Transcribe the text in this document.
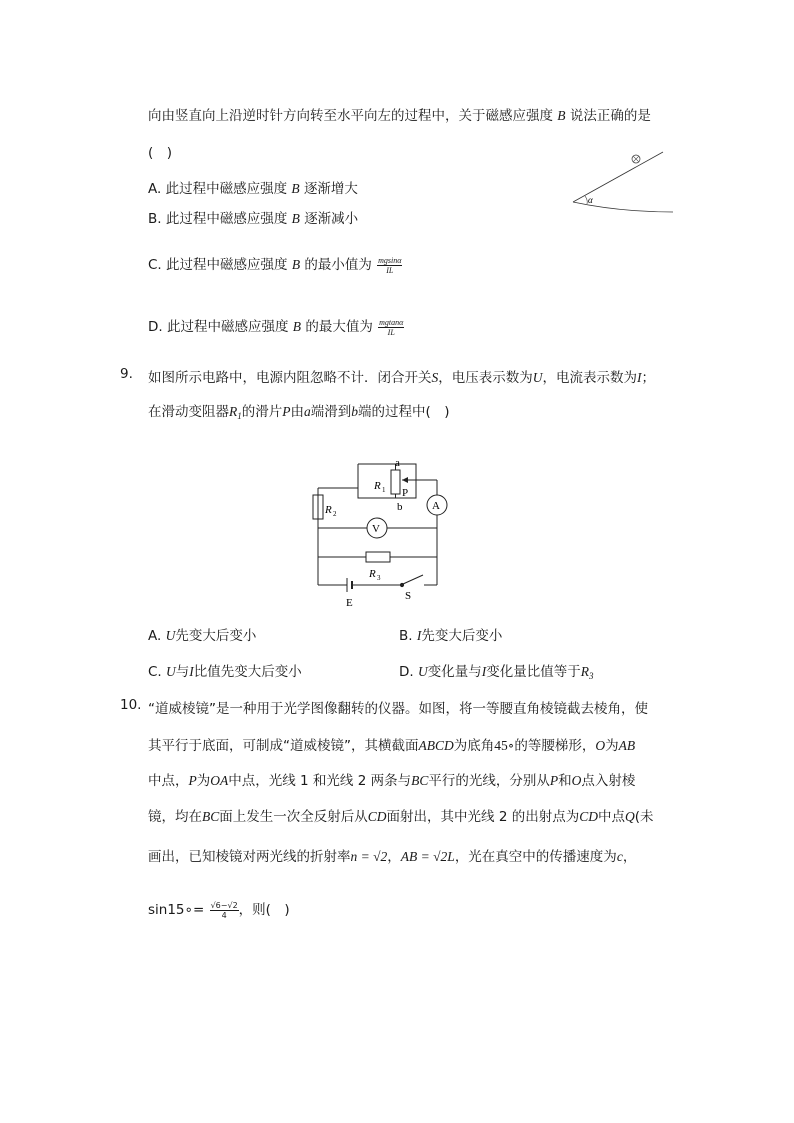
向由竖直向上沿逆时针方向转至水平向左的过程中，关于磁感应强度 B 说法正确的是
(　)
A. 此过程中磁感应强度 B 逐渐增大
B. 此过程中磁感应强度 B 逐渐减小
C. 此过程中磁感应强度 B 的最小值为 $\frac{mgsin\alpha}{IL}$
D. 此过程中磁感应强度 B 的最大值为 $\frac{mgtan\alpha}{IL}$
α
9. 如图所示电路中，电源内阻忽略不计．闭合开关S，电压表示数为U，电流表示数为I；
在滑动变阻器$R_1$的滑片P由a端滑到b端的过程中(　)
a
b
P
R 1
R 2
R 3
A
V
E
S
A. U先变大后变小	B. I先变大后变小
C. U与I比值先变大后变小	D. U变化量与I变化量比值等于$R_3$
10. “道威棱镜”是一种用于光学图像翻转的仪器。如图，将一等腰直角棱镜截去棱角，使
其平行于底面，可制成“道威棱镜”，其横截面ABCD为底角45∘的等腰梯形，O为AB
中点，P为OA中点，光线 1 和光线 2 两条与BC平行的光线，分别从P和O点入射棱
镜，均在BC面上发生一次全反射后从CD面射出，其中光线 2 的出射点为CD中点Q(未
画出，已知棱镜对两光线的折射率n = √2，AB = √2L，光在真空中的传播速度为c，
sin15∘= $\frac{√6-√2}{4}$ ，则(　)
